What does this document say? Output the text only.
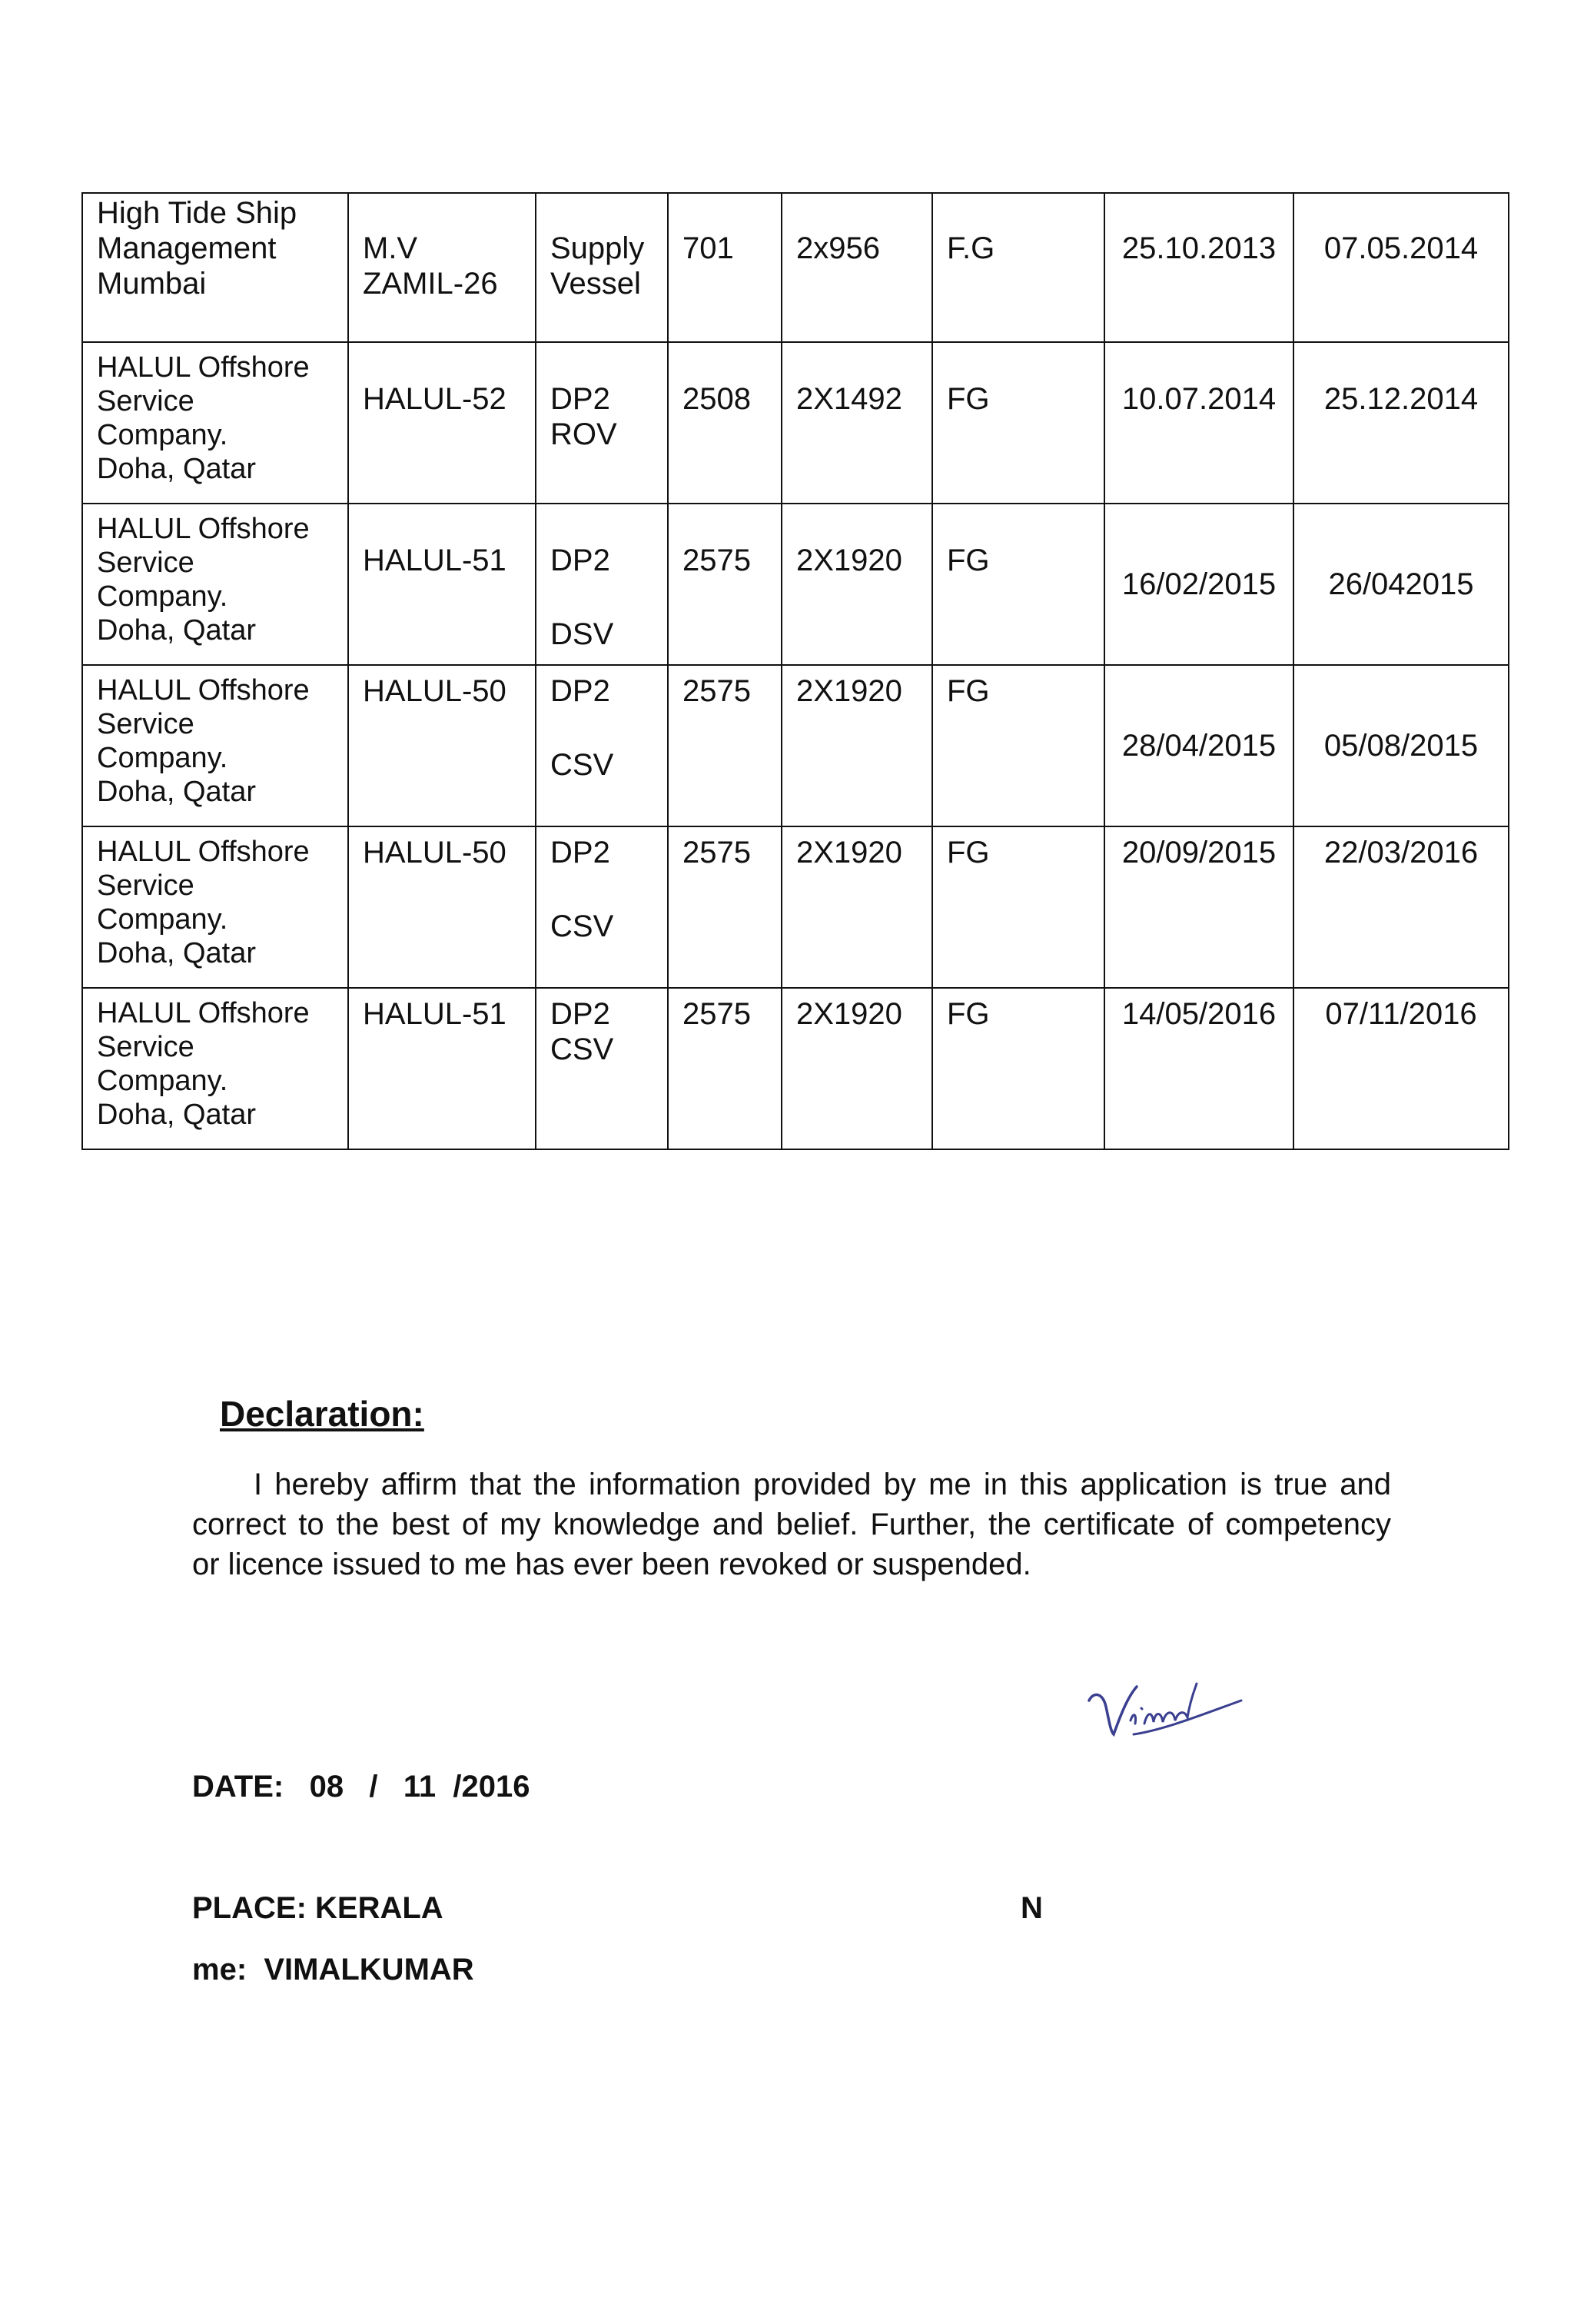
High Tide Ship
Management
Mumbai	M.V
ZAMIL-26	Supply
Vessel	701	2x956	F.G	25.10.2013	07.05.2014

HALUL Offshore
Service
Company.
Doha, Qatar	HALUL-52	DP2
ROV	2508	2X1492	FG	10.07.2014	25.12.2014

HALUL Offshore
Service
Company.
Doha, Qatar	HALUL-51	DP2
DSV	2575	2X1920	FG	16/02/2015	26/042015

HALUL Offshore
Service
Company.
Doha, Qatar	HALUL-50	DP2
CSV	2575	2X1920	FG	28/04/2015	05/08/2015

HALUL Offshore
Service
Company.
Doha, Qatar	HALUL-50	DP2
CSV	2575	2X1920	FG	20/09/2015	22/03/2016

HALUL Offshore
Service
Company.
Doha, Qatar	HALUL-51	DP2
CSV	2575	2X1920	FG	14/05/2016	07/11/2016
Declaration:
I hereby affirm that the information provided by me in this application is true and
correct to the best of my knowledge and belief. Further, the certificate of competency
or licence issued to me has ever been revoked or suspended.
DATE:   08   /   11  /2016
PLACE: KERALA	N
me:  VIMALKUMAR
